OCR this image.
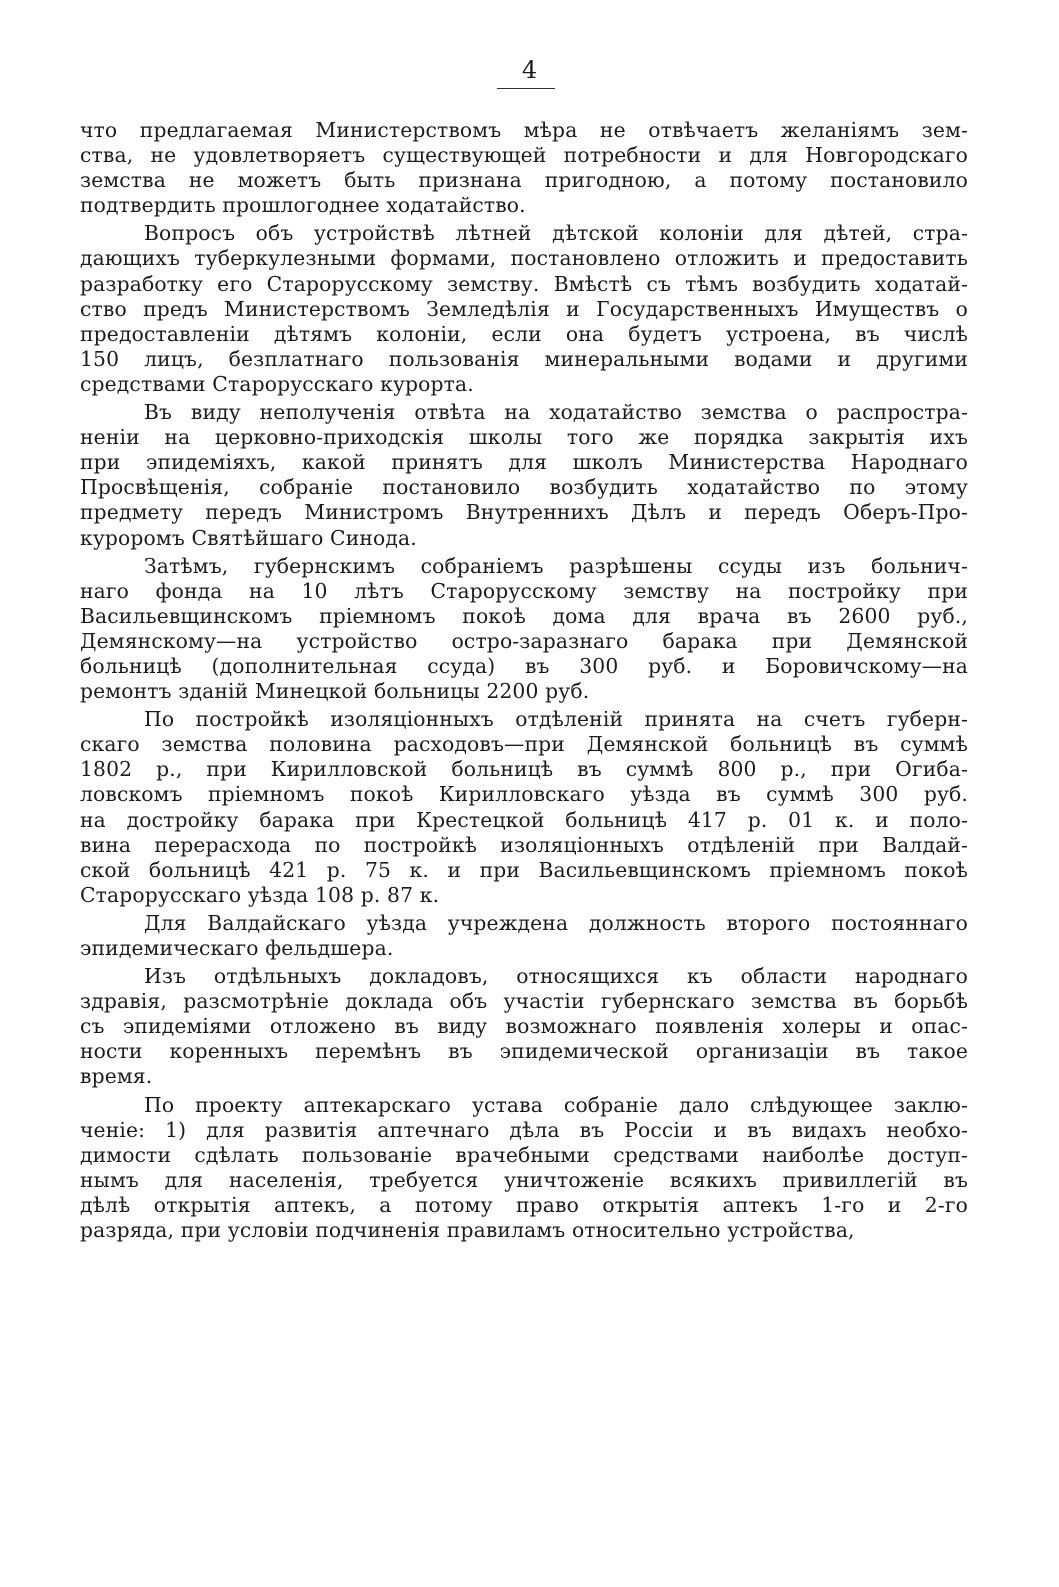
4

что предлагаемая Министерствомъ мѣра не отвѣчаетъ желаніямъ зем-
ства, не удовлетворяетъ существующей потребности и для Новгородскаго
земства не можетъ быть признана пригодною, а потому постановило
подтвердить прошлогоднее ходатайство.

Вопросъ объ устройствѣ лѣтней дѣтской колоніи для дѣтей, стра-
дающихъ туберкулезными формами, постановлено отложить и предоставить
разработку его Старорусскому земству. Вмѣстѣ съ тѣмъ возбудить ходатай-
ство предъ Министерствомъ Земледѣлія и Государственныхъ Имуществъ о
предоставленіи дѣтямъ колоніи, если она будетъ устроена, въ числѣ
150 лицъ, безплатнаго пользованія минеральными водами и другими
средствами Старорусскаго курорта.

Въ виду неполученія отвѣта на ходатайство земства о распростра-
неніи на церковно-приходскія школы того же порядка закрытія ихъ
при эпидеміяхъ, какой принятъ для школъ Министерства Народнаго
Просвѣщенія, собраніе постановило возбудить ходатайство по этому
предмету передъ Министромъ Внутреннихъ Дѣлъ и передъ Оберъ-Про-
куроромъ Святѣйшаго Синода.

Затѣмъ, губернскимъ собраніемъ разрѣшены ссуды изъ больнич-
наго фонда на 10 лѣтъ Старорусскому земству на постройку при
Васильевщинскомъ пріемномъ покоѣ дома для врача въ 2600 руб.,
Демянскому—на устройство остро-заразнаго барака при Демянской
больницѣ (дополнительная ссуда) въ 300 руб. и Боровичскому—на
ремонтъ зданій Минецкой больницы 2200 руб.

По постройкѣ изоляціонныхъ отдѣленій принята на счетъ губерн-
скаго земства половина расходовъ—при Демянской больницѣ въ суммѣ
1802 р., при Кирилловской больницѣ въ суммѣ 800 р., при Огиба-
ловскомъ пріемномъ покоѣ Кирилловскаго уѣзда въ суммѣ 300 руб.
на достройку барака при Крестецкой больницѣ 417 р. 01 к. и поло-
вина перерасхода по постройкѣ изоляціонныхъ отдѣленій при Валдай-
ской больницѣ 421 р. 75 к. и при Васильевщинскомъ пріемномъ покоѣ
Старорусскаго уѣзда 108 р. 87 к.

Для Валдайскаго уѣзда учреждена должность второго постояннаго
эпидемическаго фельдшера.

Изъ отдѣльныхъ докладовъ, относящихся къ области народнаго
здравія, разсмотрѣніе доклада объ участіи губернскаго земства въ борьбѣ
съ эпидеміями отложено въ виду возможнаго появленія холеры и опас-
ности коренныхъ перемѣнъ въ эпидемической организаціи въ такое
время.

По проекту аптекарскаго устава собраніе дало слѣдующее заклю-
ченіе: 1) для развитія аптечнаго дѣла въ Россіи и въ видахъ необхо-
димости сдѣлать пользованіе врачебными средствами наиболѣе доступ-
нымъ для населенія, требуется уничтоженіе всякихъ привиллегій въ
дѣлѣ открытія аптекъ, а потому право открытія аптекъ 1-го и 2-го
разряда, при условіи подчиненія правиламъ относительно устройства,
